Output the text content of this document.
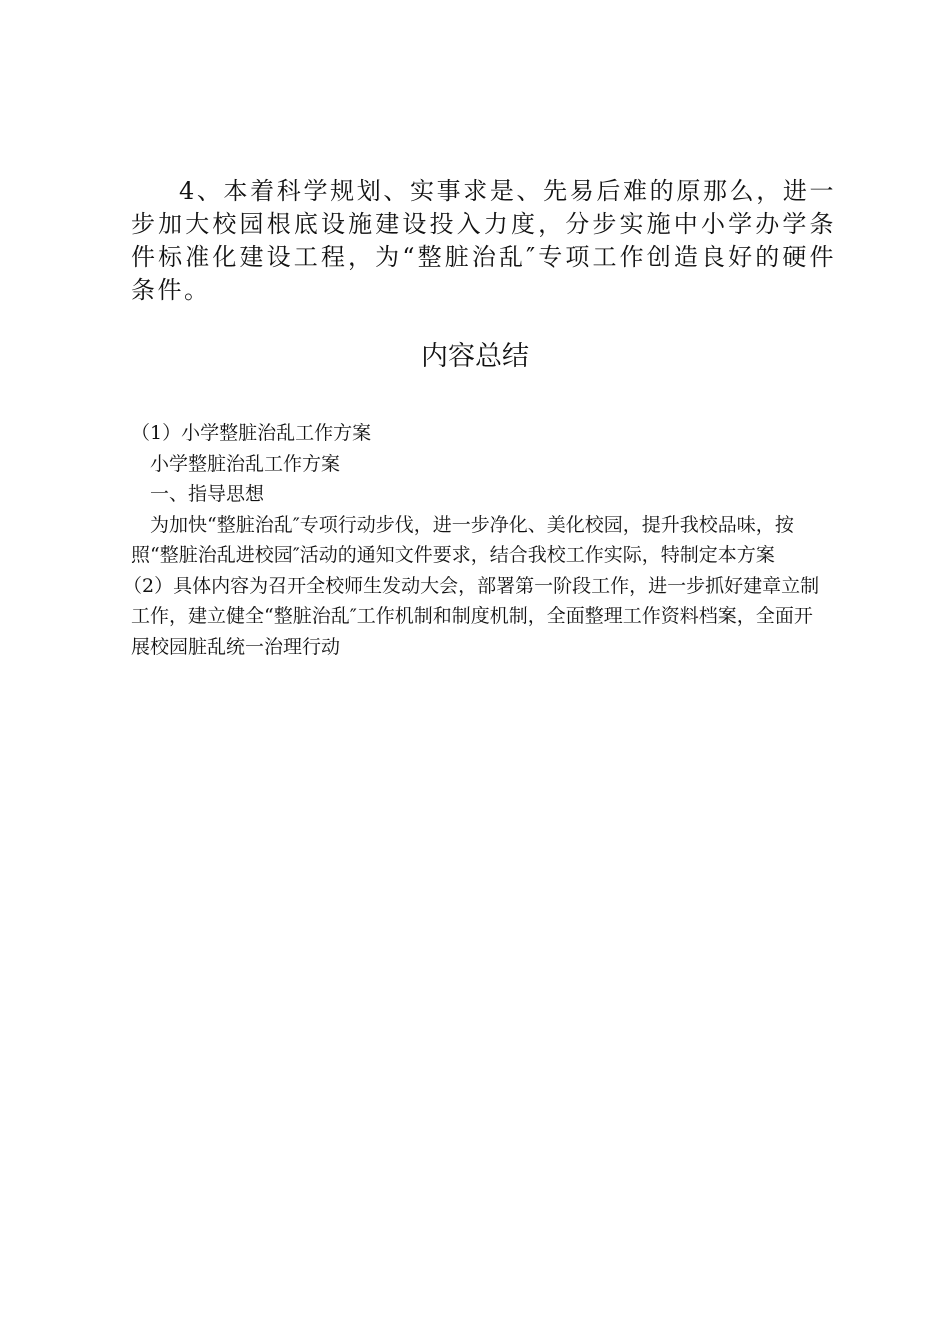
4、本着科学规划、实事求是、先易后难的原那么，进一步加大校园根底设施建设投入力度，分步实施中小学办学条件标准化建设工程，为“整脏治乱″专项工作创造良好的硬件条件。

内容总结

（1）小学整脏治乱工作方案

小学整脏治乱工作方案

一、指导思想

为加快“整脏治乱″专项行动步伐，进一步净化、美化校园，提升我校品味，按照“整脏治乱进校园″活动的通知文件要求，结合我校工作实际，特制定本方案

（2）具体内容为召开全校师生发动大会，部署第一阶段工作，进一步抓好建章立制工作，建立健全“整脏治乱″工作机制和制度机制，全面整理工作资料档案，全面开展校园脏乱统一治理行动
